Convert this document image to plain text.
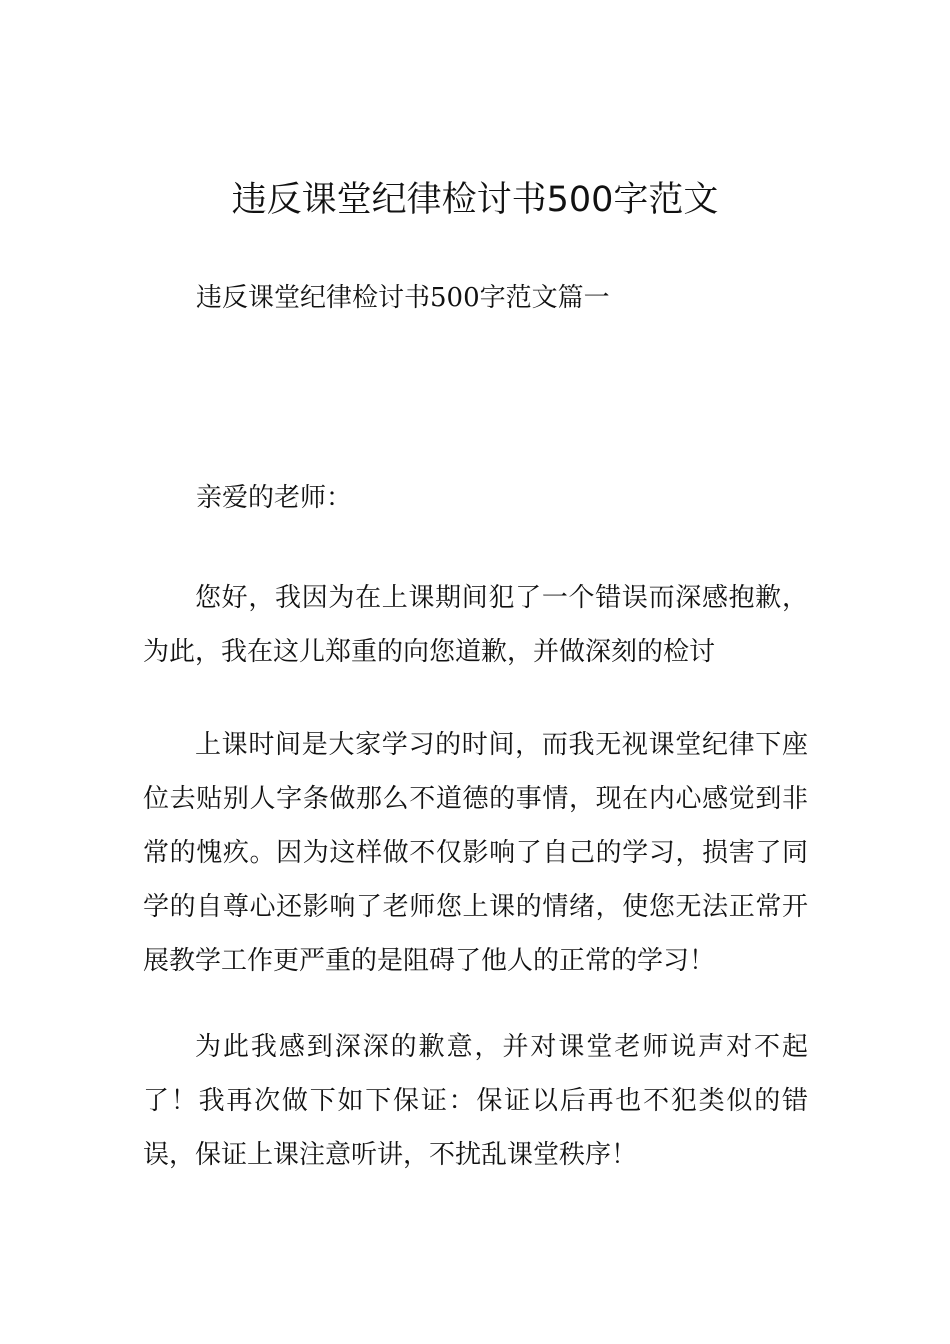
违反课堂纪律检讨书500字范文

违反课堂纪律检讨书500字范文篇一

亲爱的老师：

您好，我因为在上课期间犯了一个错误而深感抱歉，为此，我在这儿郑重的向您道歉，并做深刻的检讨

上课时间是大家学习的时间，而我无视课堂纪律下座位去贴别人字条做那么不道德的事情，现在内心感觉到非常的愧疚。因为这样做不仅影响了自己的学习，损害了同学的自尊心还影响了老师您上课的情绪，使您无法正常开展教学工作更严重的是阻碍了他人的正常的学习！

为此我感到深深的歉意，并对课堂老师说声对不起了！我再次做下如下保证：保证以后再也不犯类似的错误，保证上课注意听讲，不扰乱课堂秩序！
